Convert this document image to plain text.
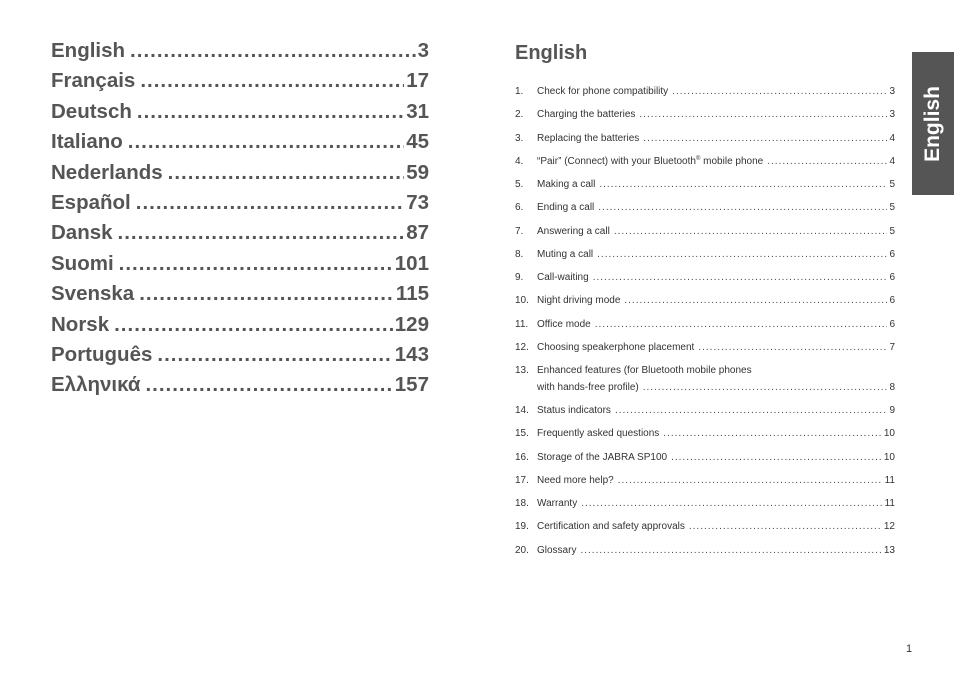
English .....	3
Français .....	17
Deutsch .....	31
Italiano .....	45
Nederlands .....	59
Español .....	73
Dansk .....	87
Suomi .....	101
Svenska .....	115
Norsk .....	129
Português .....	143
Ελληνικά .....	157
English
1.	Check for phone compatibility .....	3
2.	Charging the batteries .....	3
3.	Replacing the batteries .....	4
4.	“Pair” (Connect) with your Bluetooth® mobile phone .....	4
5.	Making a call .....	5
6.	Ending a call .....	5
7.	Answering a call .....	5
8.	Muting a call .....	6
9.	Call-waiting .....	6
10. Night driving mode .....	6
11. Office mode .....	6
12. Choosing speakerphone placement .....	7
13. Enhanced features (for Bluetooth mobile phones
with hands-free profile) .....	8
14. Status indicators .....	9
15. Frequently asked questions .....	10
16. Storage of the JABRA SP100 .....	10
17. Need more help? .....	11
18. Warranty .....	11
19. Certification and safety approvals .....	12
20. Glossary .....	13
English
1
